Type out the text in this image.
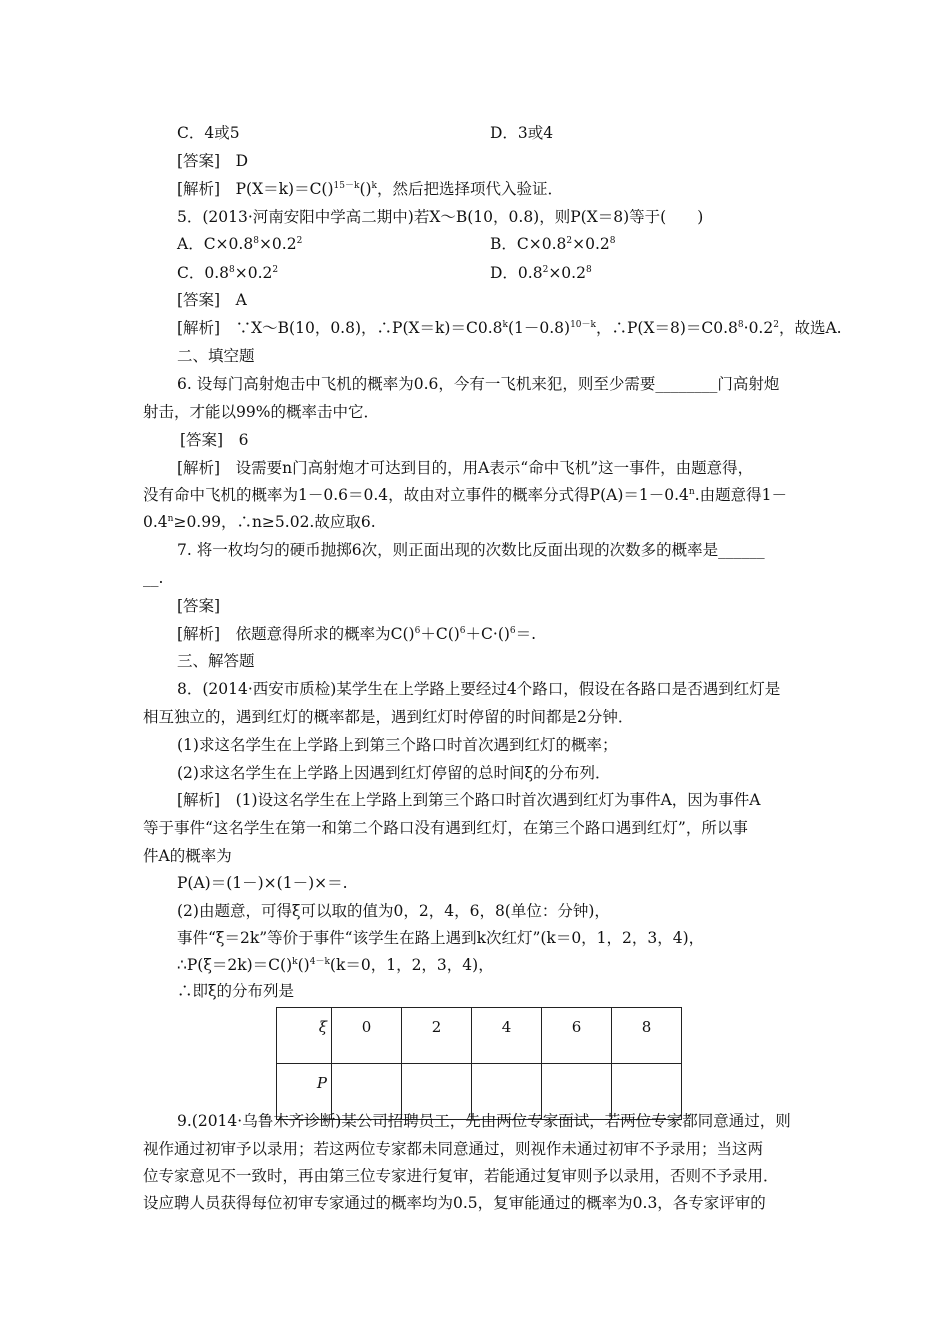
C．4或5	D．3或4
[答案]　 D
[解析]　 P(X＝k)＝C()$^{15-k}$()$^k$，然后把选择项代入验证．
5．(2013·河南安阳中学高二期中)若X～B(10，0.8)，则P(X＝8)等于(　　)
A．$C\times 0.8^8\times 0.2^2$	B．$C\times 0.8^2\times 0.2^8$
C．$0.8^8\times 0.2^2$	D．$0.8^2\times 0.2^8$
[答案]　 A
[解析]　 ∵X～B(10，0.8)，$\therefore P(X=k)=C0.8^k(1-0.8)^{10-k}$，$\therefore P(X=8)=C0.8^8\cdot 0.2^2$，故选A.
二、填空题
6. 设每门高射炮击中飞机的概率为0.6，今有一飞机来犯，则至少需要________门高射炮
射击，才能以99%的概率击中它．
[答案]　 6
[解析]　 设需要n门高射炮才可达到目的，用A表示“命中飞机”这一事件，由题意得，
没有命中飞机的概率为1－0.6＝0.4，故由对立事件的概率分式得$P(A)=1-0.4^n$.由题意得1－
$0.4^n\ge 0.99$，∴n≥5.02.故应取6.
7. 将一枚均匀的硬币抛掷6次，则正面出现的次数比反面出现的次数多的概率是______
__.
[答案]
[解析]　 依题意得所求的概率为C()$^6$＋C()$^6$＋C·()$^6$＝.
三、解答题
8．(2014·西安市质检)某学生在上学路上要经过4个路口，假设在各路口是否遇到红灯是
相互独立的，遇到红灯的概率都是，遇到红灯时停留的时间都是2分钟．
(1)求这名学生在上学路上到第三个路口时首次遇到红灯的概率；
(2)求这名学生在上学路上因遇到红灯停留的总时间ξ的分布列．
[解析]　 (1)设这名学生在上学路上到第三个路口时首次遇到红灯为事件A，因为事件A
等于事件“这名学生在第一和第二个路口没有遇到红灯，在第三个路口遇到红灯”，所以事
件A的概率为
P(A)＝(1－)×(1－)×＝.
(2)由题意，可得ξ可以取的值为0，2，4，6，8(单位：分钟)，
事件“ξ＝2k”等价于事件“该学生在路上遇到k次红灯”(k＝0，1，2，3，4)，
∴P(ξ＝2k)＝C()$^k$()$^{4-k}$(k＝0，1，2，3，4)，
∴即ξ的分布列是
ξ	0	2	4	6	8
P					
9.(2014·乌鲁木齐诊断)某公司招聘员工，先由两位专家面试，若两位专家都同意通过，则
视作通过初审予以录用；若这两位专家都未同意通过，则视作未通过初审不予录用；当这两
位专家意见不一致时，再由第三位专家进行复审，若能通过复审则予以录用，否则不予录用．
设应聘人员获得每位初审专家通过的概率均为0.5，复审能通过的概率为0.3，各专家评审的
